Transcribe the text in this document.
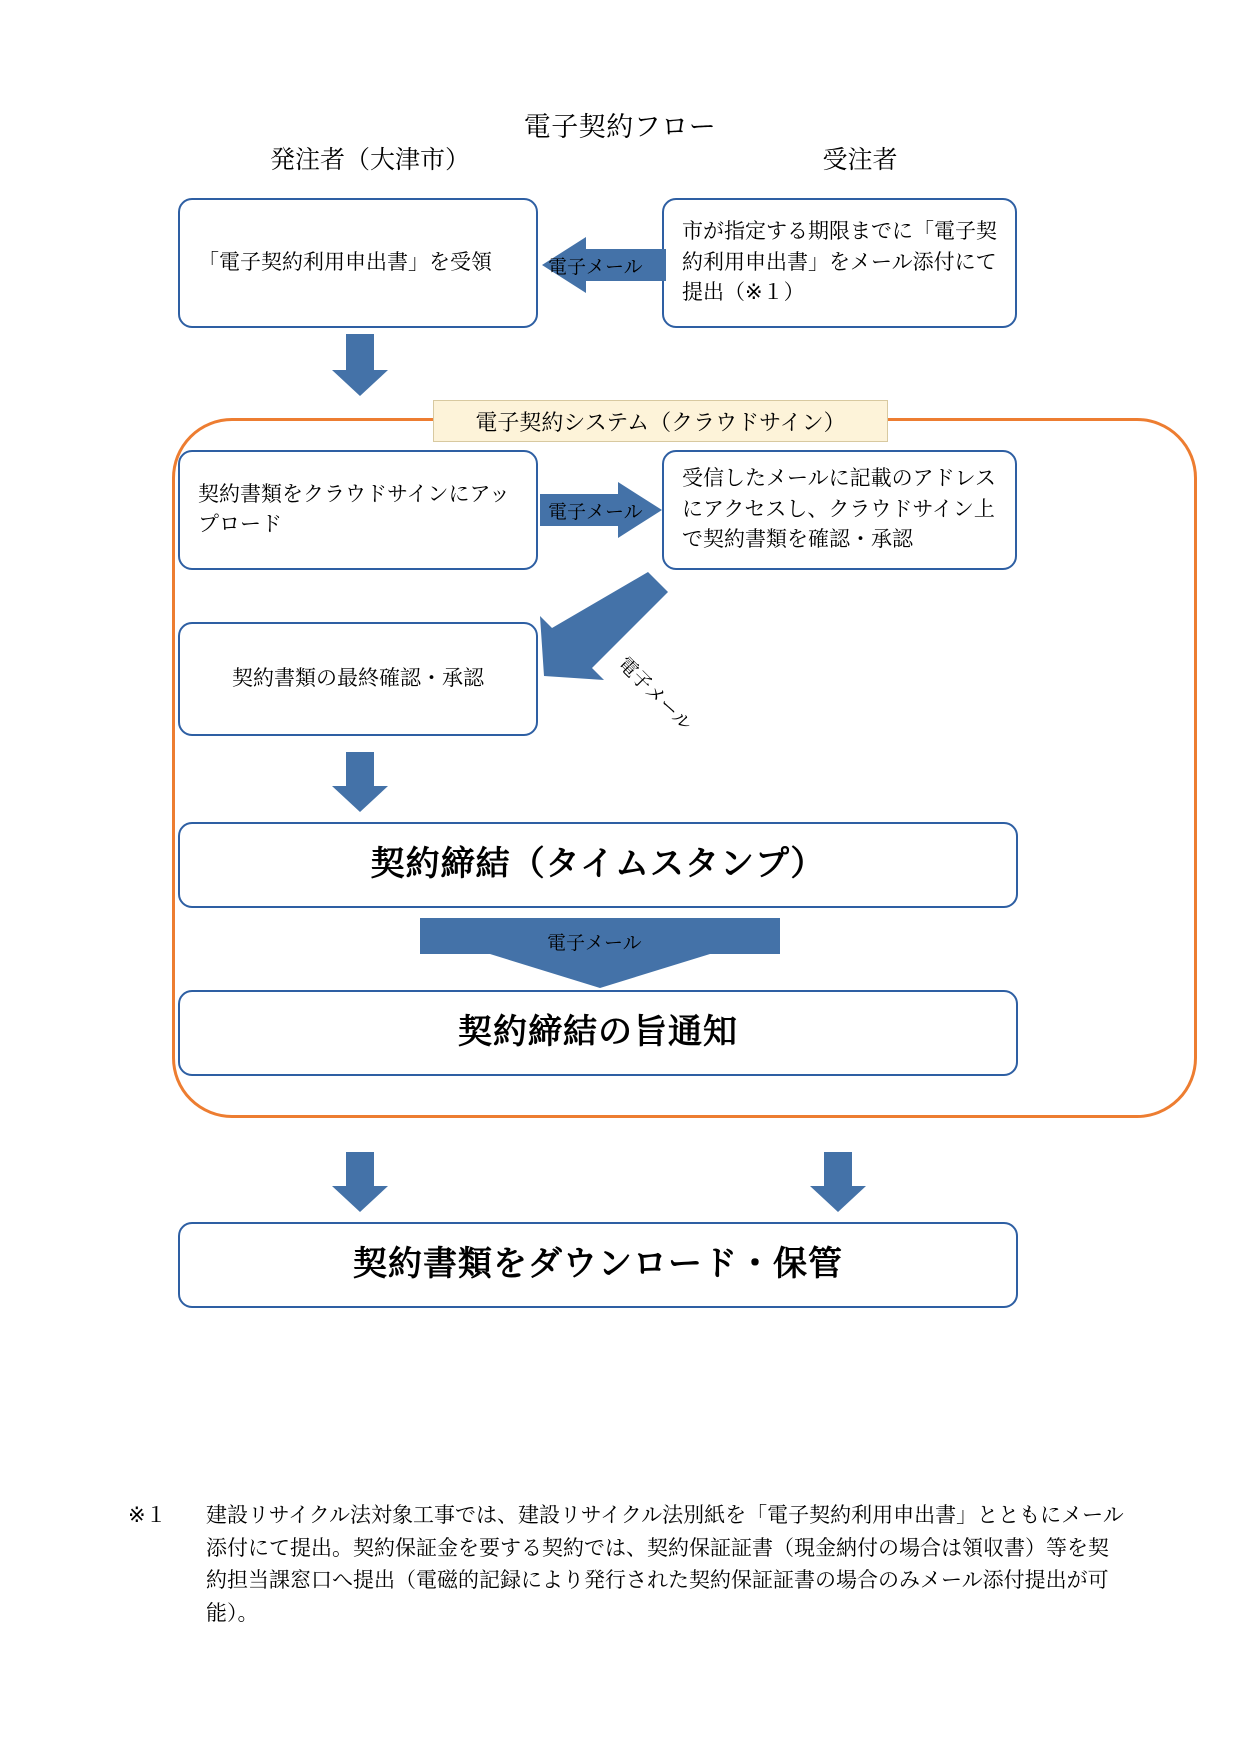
電子契約フロー
発注者（大津市）	受注者
電子契約システム（クラウドサイン）
「電子契約利用申出書」を受領
市が指定する期限までに「電子契約利用申出書」をメール添付にて提出（※１）
電子メール
契約書類をクラウドサインにアップロード
受信したメールに記載のアドレスにアクセスし、クラウドサイン上で契約書類を確認・承認
電子メール
電子メール
契約書類の最終確認・承認
契約締結（タイムスタンプ）
電子メール
契約締結の旨通知
契約書類をダウンロード・保管
※１ 建設リサイクル法対象工事では、建設リサイクル法別紙を「電子契約利用申出書」とともにメール添付にて提出。契約保証金を要する契約では、契約保証証書（現金納付の場合は領収書）等を契約担当課窓口へ提出（電磁的記録により発行された契約保証証書の場合のみメール添付提出が可能）。
